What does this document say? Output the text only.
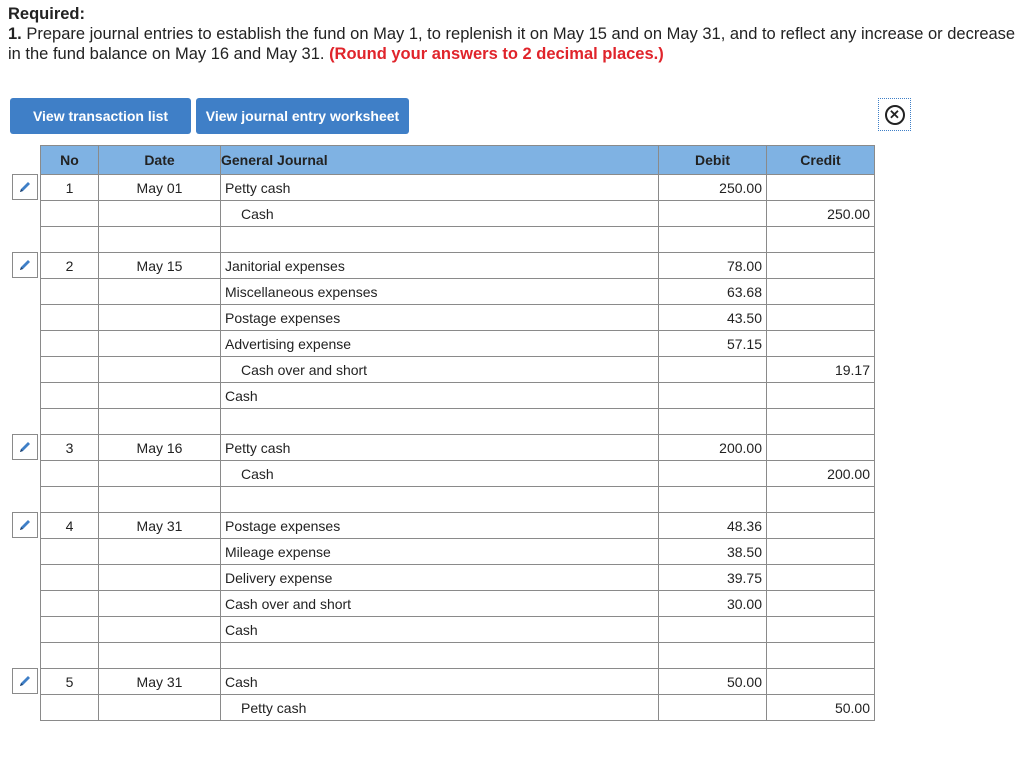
Required:
1. Prepare journal entries to establish the fund on May 1, to replenish it on May 15 and on May 31, and to reflect any increase or decrease in the fund balance on May 16 and May 31. (Round your answers to 2 decimal places.)
View transaction list	View journal entry worksheet	✕
No	Date	General Journal	Debit	Credit
1	May 01	Petty cash	250.00	
		Cash		250.00

2	May 15	Janitorial expenses	78.00	
		Miscellaneous expenses	63.68	
		Postage expenses	43.50	
		Advertising expense	57.15	
		Cash over and short		19.17
		Cash		

3	May 16	Petty cash	200.00	
		Cash		200.00

4	May 31	Postage expenses	48.36	
		Mileage expense	38.50	
		Delivery expense	39.75	
		Cash over and short	30.00	
		Cash		

5	May 31	Cash	50.00	
		Petty cash		50.00
